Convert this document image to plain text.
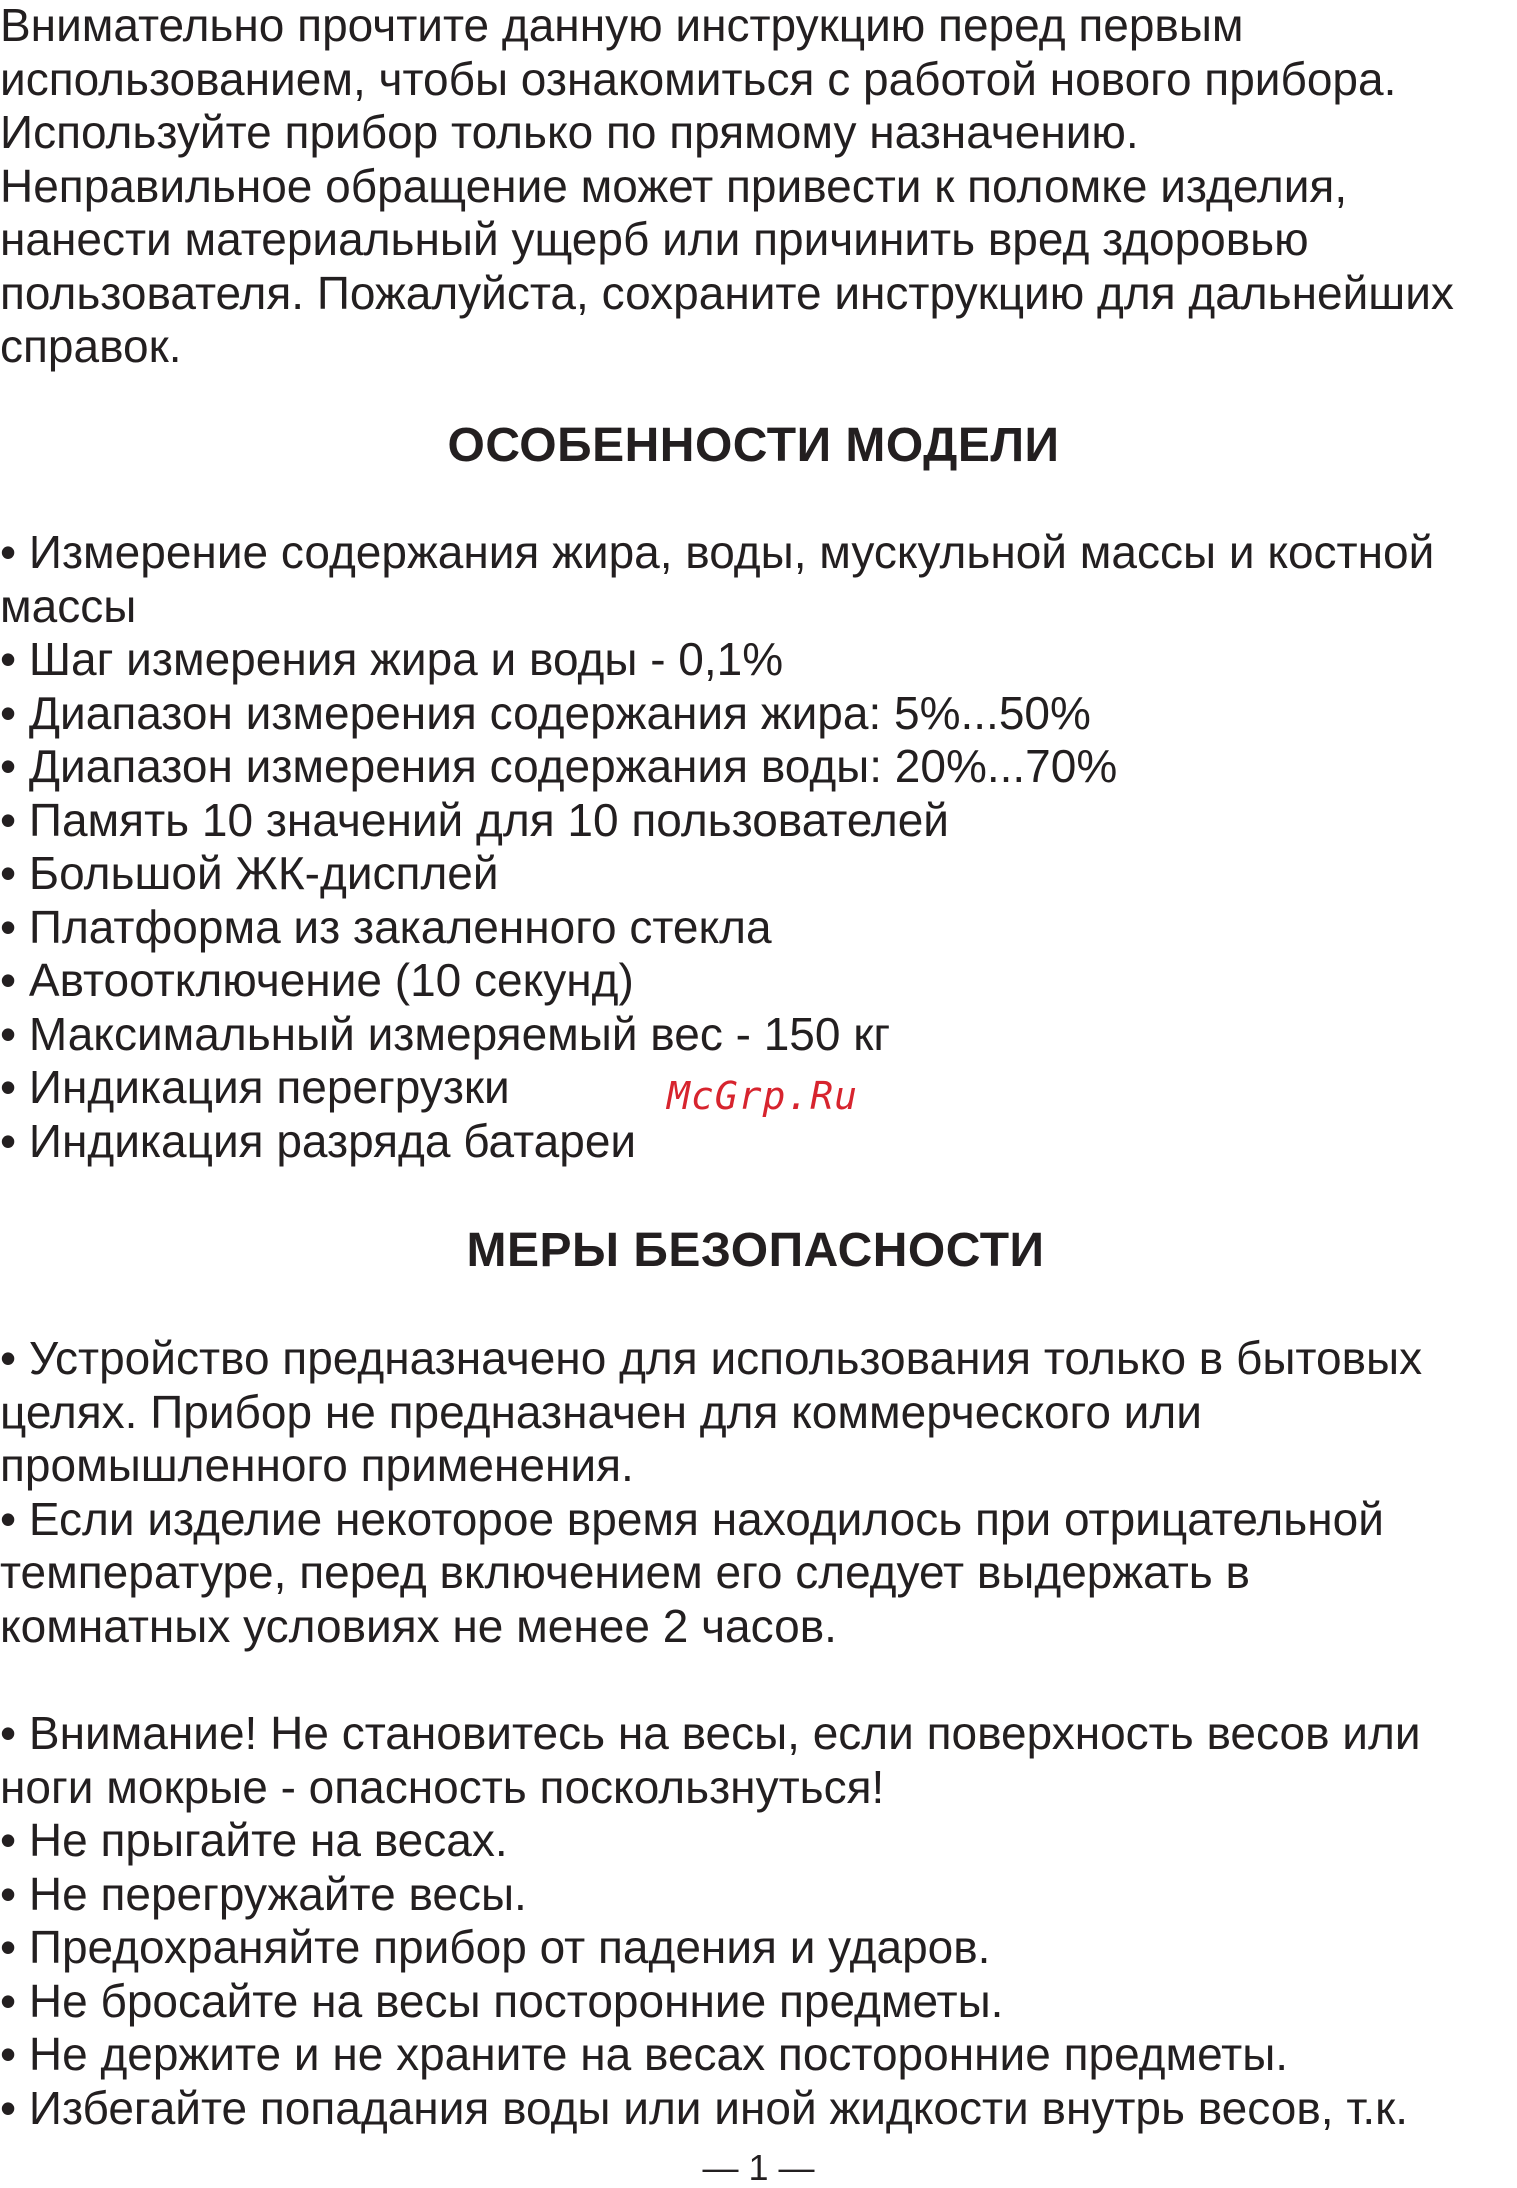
Внимательно прочтите данную инструкцию перед первым
использованием, чтобы ознакомиться с работой нового прибора.
Используйте прибор только по прямому назначению.
Неправильное обращение может привести к поломке изделия,
нанести материальный ущерб или причинить вред здоровью
пользователя. Пожалуйста, сохраните инструкцию для дальнейших
справок.
ОСОБЕННОСТИ МОДЕЛИ
• Измерение содержания жира, воды, мускульной массы и костной
массы
• Шаг измерения жира и воды - 0,1%
• Диапазон измерения содержания жира: 5%...50%
• Диапазон измерения содержания воды: 20%...70%
• Память 10 значений для 10 пользователей
• Большой ЖК-дисплей
• Платформа из закаленного стекла
• Автоотключение (10 секунд)
• Максимальный измеряемый вес - 150 кг
• Индикация перегрузки
• Индикация разряда батареи
McGrp.Ru
МЕРЫ БЕЗОПАСНОСТИ
• Устройство предназначено для использования только в бытовых
целях. Прибор не предназначен для коммерческого или
промышленного применения.
• Если изделие некоторое время находилось при отрицательной
температуре, перед включением его следует выдержать в
комнатных условиях не менее 2 часов.
• Внимание! Не становитесь на весы, если поверхность весов или
ноги мокрые - опасность поскользнуться!
• Не прыгайте на весах.
• Не перегружайте весы.
• Предохраняйте прибор от падения и ударов.
• Не бросайте на весы посторонние предметы.
• Не держите и не храните на весах посторонние предметы.
• Избегайте попадания воды или иной жидкости внутрь весов, т.к.
— 1 —
